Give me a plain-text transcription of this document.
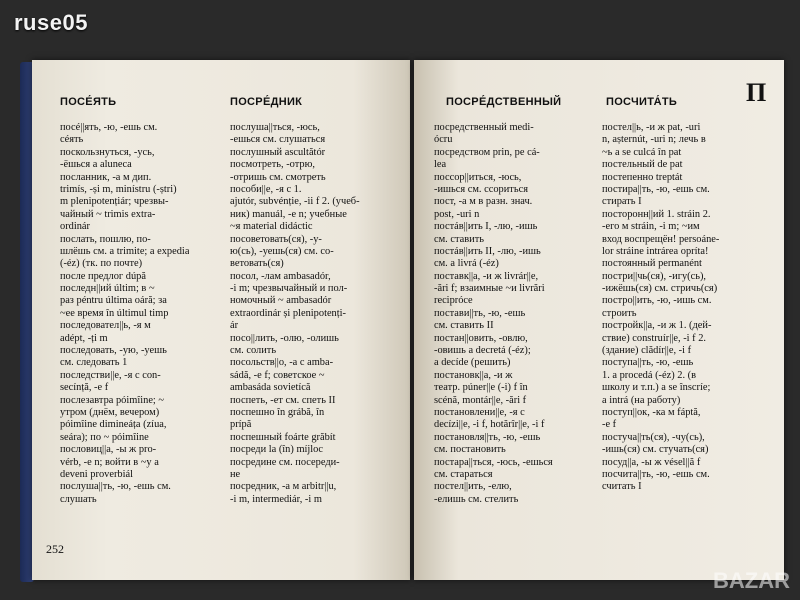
ПОСЕ́ЯТЬ	ПОСРЕ́ДНИК
посé́||ять, -ю, -ешь см.
сéять
поскользну́ться, -усь,
-ёшься a aluneca
посла́нник, -а м дип.
trimís, -ș́i m, minístru (-ștri)
m plenipotențiár; чрезвы-
ча́йный ~ trimis extra-
ordinár
посла́ть, пошлю́, по-
шлёшь см. a trimite; a expedia
(-éz) (тк. по почте)
по́сле предлог dúpă
после́дн||ий últim; в ~
раз péntru última oáră; за
~ее вре́мя în últimul timp
последова́тел||ь, -я м
adépt, -ți m
после́довать, -ую, -уешь
см. сле́довать 1
после́дстви||е, -я с con-
secínță, -e f
послеза́втра póimîine; ~
у́тром (днём, ве́чером)
póimîine dimineáța (zíua,
seára); по ~ póimîine
посло́виц||а, -ы ж pro-
vérb, -e n; войти́ в ~у a
deveni proverbiál
послу́ша||ть, -ю, -ешь см.
слу́шать
послуша́||ться, -юсь,
-ешься см. слу́шаться
послу́шный ascultătór
посмотре́ть, -отрю́,
-о́тришь см. смотре́ть
посо́би||е, -я с 1.
ajutór, subvénție, -ii f 2. (уче́б-
ник) manuál, -e n; уче́бные
~я material didáctic
посове́товать(ся), -у-
ю(сь), -уешь(ся) см. со-
ве́товать(ся)
посо́л, -ла́м ambasadór,
-i m; чрезвыча́йный и пол-
номо́чный ~ ambasadór
extraordinár și plenipotenți-
ár
посо́||лить, -олю́, -о́лишь
см. соли́ть
посо́льств||о, -а с amba-
sádă, -e f; сове́тское ~
ambasáda sovietícă
поспе́ть, -ет см. спеть II
поспе́шно în grábă, în
prípă
поспе́шный foárte grăbít
посреди́ la (în) míjloc
посреди́не см. посереди́-
не
посре́дник, -а м arbitr||u,
-i m, intermediár, -i m
252
ПОСРЕ́ДСТВЕННЫЙ	ПОСЧИТА́ТЬ	П
посре́дственный medi-
ócru
посре́дством prin, pe cá-
lea
поссо́р||иться, -юсь,
-ишься см. ссо́риться
пост, -а́ м в разн. знач.
post, -uri n
постáв||ить I, -лю, -ишь
см. ста́вить
постáв||ить II, -лю, -ишь
см. a livrá (-éz)
поста́вк||а, -и ж livrár||e,
-ări f; взаи́мные ~и livrări
recipróce
поста́ви||ть, -ю, -ешь
см. ста́вить II
постан||ови́ть, -овлю́,
-о́вишь a decretá (-éz);
a decíde (реши́ть)
постано́вк||а, -и ж
театр. púner||e (-i) f în
scénă, montár||e, -ări f
постановле́ни||е, -я с
decízi||e, -i f, hotărî́r||e, -i f
постановля́||ть, -ю, -ешь
см. постанови́ть
постара́||ться, -юсь, -ешься
см. стара́ться
постел́||ить, -елю́,
-ели́шь см. стели́ть
посте́л||ь, -и ж pat, -uri
n, așternút, -uri n; лечь в
~ь a se culcá în pat
посте́льный de pat
постепе́нно treptát
постира́||ть, -ю, -ешь см.
стира́ть I
посторо́нн||ий 1. stráin 2.
-его м stráin, -i m; ~им
вход воспрещён! persoáne-
lor stráine intrárea opríta!
постоя́нный permanént
постри́||чь(ся), -игу́(сь),
-ижёшь(ся) см. стри́чь(ся)
постро́||ить, -ю, -ишь см.
стро́ить
постро́йк||а, -и ж 1. (де́й-
ствие) construír||e, -i f 2.
(зда́ние) clădír||e, -i f
поступа́||ть, -ю, -ешь
1. a procedá (-éz) 2. (в
шко́лу и т.п.) a se înscríe;
a intrá (на рабо́ту)
посту́п||ок, -ка м fáptă,
-e f
постуча́||ть(ся), -чу́(сь),
-ишь(ся) см. стуча́ть(ся)
посу́д||а, -ы ж vésel||ă f
посчита́||ть, -ю, -ешь см.
счита́ть I
ruse05
BAZAR
